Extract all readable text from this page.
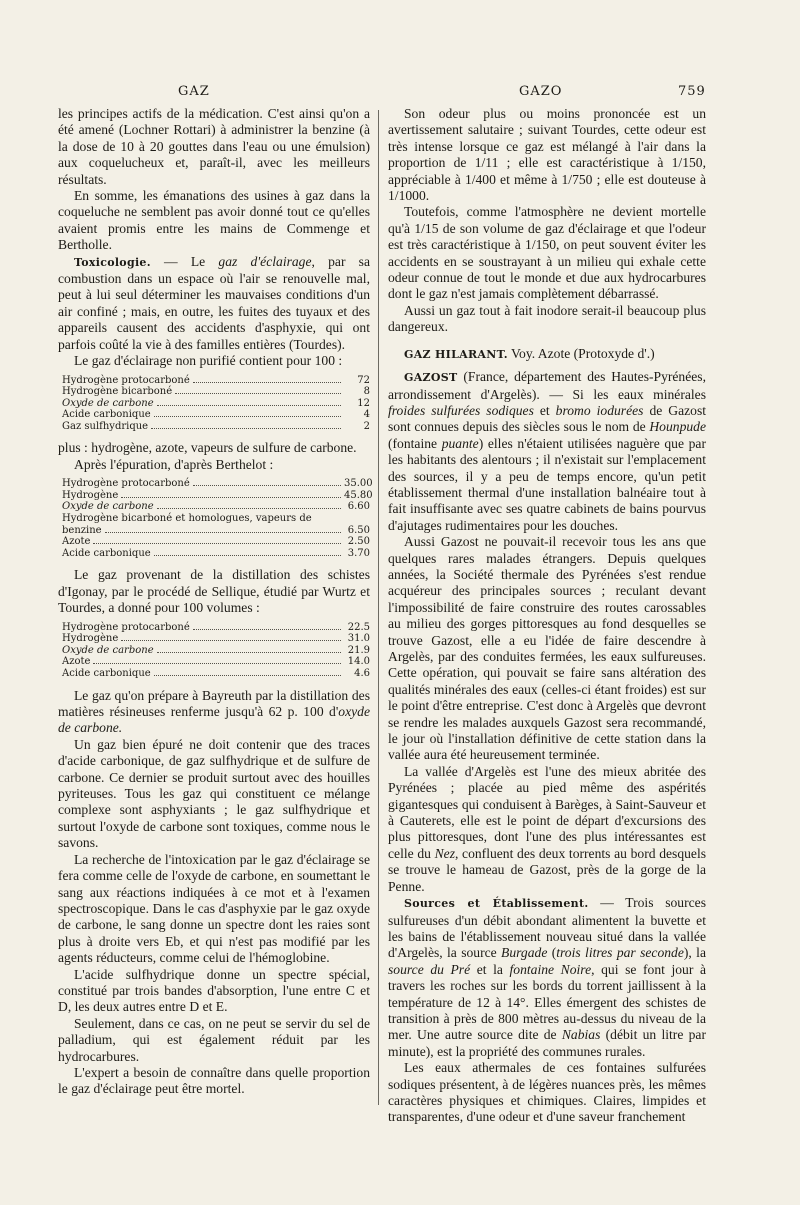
GAZ	GAZO	759

les principes actifs de la médication. C'est ainsi qu'on a été amené (Lochner Rottari) à administrer la benzine (à la dose de 10 à 20 gouttes dans l'eau ou une émulsion) aux coquelucheux et, paraît-il, avec les meilleurs résultats.

En somme, les émanations des usines à gaz dans la coqueluche ne semblent pas avoir donné tout ce qu'elles avaient promis entre les mains de Commenge et Bertholle.

Toxicologie. — Le gaz d'éclairage, par sa combustion dans un espace où l'air se renouvelle mal, peut à lui seul déterminer les mauvaises conditions d'un air confiné ; mais, en outre, les fuites des tuyaux et des appareils causent des accidents d'asphyxie, qui ont parfois coûté la vie à des familles entières (Tourdes).

Le gaz d'éclairage non purifié contient pour 100 :

Hydrogène protocarboné	72
Hydrogène bicarboné	8
Oxyde de carbone	12
Acide carbonique	4
Gaz sulfhydrique	2

plus : hydrogène, azote, vapeurs de sulfure de carbone.

Après l'épuration, d'après Berthelot :

Hydrogène protocarboné	35.00
Hydrogène	45.80
Oxyde de carbone	6.60
Hydrogène bicarboné et homologues, vapeurs de
benzine	6.50
Azote	2.50
Acide carbonique	3.70

Le gaz provenant de la distillation des schistes d'Igonay, par le procédé de Sellique, étudié par Wurtz et Tourdes, a donné pour 100 volumes :

Hydrogène protocarboné	22.5
Hydrogène	31.0
Oxyde de carbone	21.9
Azote	14.0
Acide carbonique	4.6

Le gaz qu'on prépare à Bayreuth par la distillation des matières résineuses renferme jusqu'à 62 p. 100 d'oxyde de carbone.

Un gaz bien épuré ne doit contenir que des traces d'acide carbonique, de gaz sulfhydrique et de sulfure de carbone. Ce dernier se produit surtout avec des houilles pyriteuses. Tous les gaz qui constituent ce mélange complexe sont asphyxiants ; le gaz sulfhydrique et surtout l'oxyde de carbone sont toxiques, comme nous le savons.

La recherche de l'intoxication par le gaz d'éclairage se fera comme celle de l'oxyde de carbone, en soumettant le sang aux réactions indiquées à ce mot et à l'examen spectroscopique. Dans le cas d'asphyxie par le gaz oxyde de carbone, le sang donne un spectre dont les raies sont plus à droite vers Eb, et qui n'est pas modifié par les agents réducteurs, comme celui de l'hémoglobine.

L'acide sulfhydrique donne un spectre spécial, constitué par trois bandes d'absorption, l'une entre C et D, les deux autres entre D et E.

Seulement, dans ce cas, on ne peut se servir du sel de palladium, qui est également réduit par les hydrocarbures.

L'expert a besoin de connaître dans quelle proportion le gaz d'éclairage peut être mortel.

Son odeur plus ou moins prononcée est un avertissement salutaire ; suivant Tourdes, cette odeur est très intense lorsque ce gaz est mélangé à l'air dans la proportion de 1/11 ; elle est caractéristique à 1/150, appréciable à 1/400 et même à 1/750 ; elle est douteuse à 1/1000.

Toutefois, comme l'atmosphère ne devient mortelle qu'à 1/15 de son volume de gaz d'éclairage et que l'odeur est très caractéristique à 1/150, on peut souvent éviter les accidents en se soustrayant à un milieu qui exhale cette odeur connue de tout le monde et due aux hydrocarbures dont le gaz n'est jamais complètement débarrassé.

Aussi un gaz tout à fait inodore serait-il beaucoup plus dangereux.

GAZ HILARANT. Voy. Azote (Protoxyde d'.)

GAZOST (France, département des Hautes-Pyrénées, arrondissement d'Argelès). — Si les eaux minérales froides sulfurées sodiques et bromo iodurées de Gazost sont connues depuis des siècles sous le nom de Hounpude (fontaine puante) elles n'étaient utilisées naguère que par les habitants des alentours ; il n'existait sur l'emplacement des sources, il y a peu de temps encore, qu'un petit établissement thermal d'une installation balnéaire tout à fait insuffisante avec ses quatre cabinets de bains pourvus d'ajutages rudimentaires pour les douches.

Aussi Gazost ne pouvait-il recevoir tous les ans que quelques rares malades étrangers. Depuis quelques années, la Société thermale des Pyrénées s'est rendue acquéreur des principales sources ; reculant devant l'impossibilité de faire construire des routes carossables au milieu des gorges pittoresques au fond desquelles se trouve Gazost, elle a eu l'idée de faire descendre à Argelès, par des conduites fermées, les eaux sulfureuses. Cette opération, qui pouvait se faire sans altération des qualités minérales des eaux (celles-ci étant froides) est sur le point d'être entreprise. C'est donc à Argelès que devront se rendre les malades auxquels Gazost sera recommandé, le jour où l'installation définitive de cette station dans la vallée aura été heureusement terminée.

La vallée d'Argelès est l'une des mieux abritée des Pyrénées ; placée au pied même des aspérités gigantesques qui conduisent à Barèges, à Saint-Sauveur et à Cauterets, elle est le point de départ d'excursions des plus pittoresques, dont l'une des plus intéressantes est celle du Nez, confluent des deux torrents au bord desquels se trouve le hameau de Gazost, près de la gorge de la Penne.

Sources et Établissement. — Trois sources sulfureuses d'un débit abondant alimentent la buvette et les bains de l'établissement nouveau situé dans la vallée d'Argelès, la source Burgade (trois litres par seconde), la source du Pré et la fontaine Noire, qui se font jour à travers les roches sur les bords du torrent jaillissent à la température de 12 à 14°. Elles émergent des schistes de transition à près de 800 mètres au-dessus du niveau de la mer. Une autre source dite de Nabias (débit un litre par minute), est la propriété des communes rurales.

Les eaux athermales de ces fontaines sulfurées sodiques présentent, à de légères nuances près, les mêmes caractères physiques et chimiques. Claires, limpides et transparentes, d'une odeur et d'une saveur franchement
